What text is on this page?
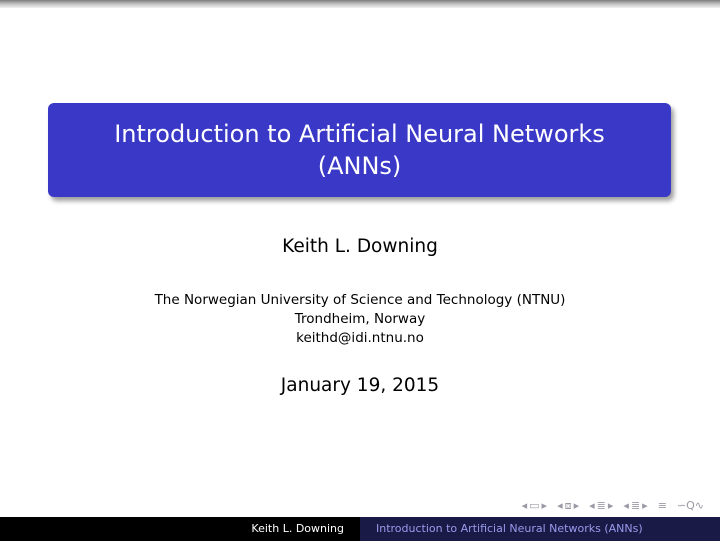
Introduction to Artificial Neural Networks
(ANNs)
Keith L. Downing
The Norwegian University of Science and Technology (NTNU)
Trondheim, Norway
keithd@idi.ntnu.no
January 19, 2015
◂ ▭ ▸ ◂ ⧈ ▸ ◂ ≣ ▸ ◂ ≣ ▸ ≡ ∽Q∿
Keith L. Downing	Introduction to Artificial Neural Networks (ANNs)
